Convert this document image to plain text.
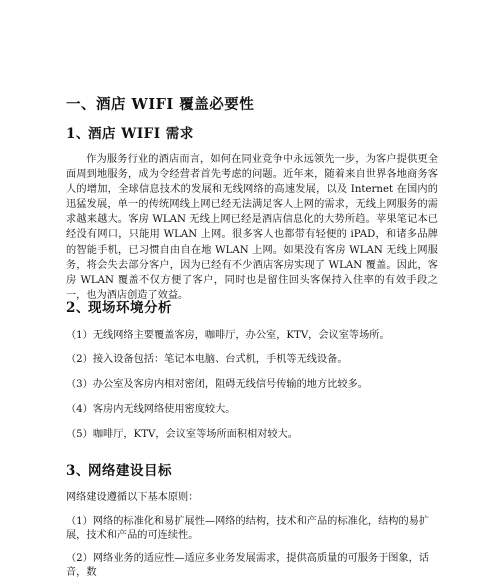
一、酒店 WIFI 覆盖必要性
1、酒店 WIFI 需求
作为服务行业的酒店而言，如何在同业竞争中永远领先一步，为客户提供更全面周到地服务，成为令经营者首先考虑的问题。近年来，随着来自世界各地商务客人的增加，全球信息技术的发展和无线网络的高速发展，以及 Internet 在国内的迅猛发展，单一的传统网线上网已经无法满足客人上网的需求，无线上网服务的需求越来越大。客房 WLAN 无线上网已经是酒店信息化的大势所趋。苹果笔记本已经没有网口，只能用 WLAN 上网。很多客人也都带有轻便的 iPAD，和诸多品牌的智能手机，已习惯自由自在地 WLAN 上网。如果没有客房 WLAN 无线上网服务，将会失去部分客户，因为已经有不少酒店客房实现了 WLAN 覆盖。因此，客房 WLAN 覆盖不仅方便了客户，同时也是留住回头客保持入住率的有效手段之一，也为酒店创造了效益。
2、现场环境分析
（1）无线网络主要覆盖客房，咖啡厅，办公室，KTV，会议室等场所。
（2）接入设备包括：笔记本电脑、台式机，手机等无线设备。
（3）办公室及客房内相对密闭，阻碍无线信号传输的地方比较多。
（4）客房内无线网络使用密度较大。
（5）咖啡厅，KTV，会议室等场所面积相对较大。
3、网络建设目标
网络建设遵循以下基本原则：
（1）网络的标准化和易扩展性—网络的结构，技术和产品的标准化，结构的易扩展，技术和产品的可连续性。
（2）网络业务的适应性—适应多业务发展需求，提供高质量的可服务于图象，话音，数
